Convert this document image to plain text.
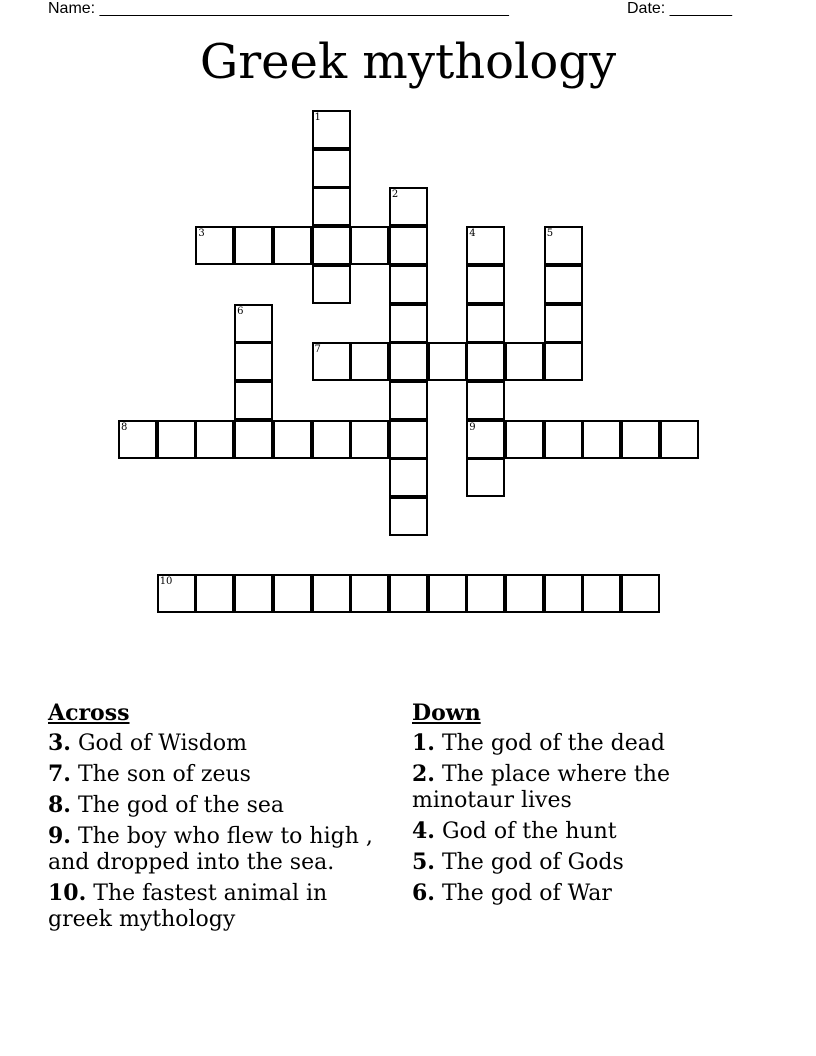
Name: ______________________________________________	Date: _______
Greek mythology
1
2
3	4
9
5
6
7
8
10
Across
3. God of Wisdom
7. The son of zeus
8. The god of the sea
9. The boy who flew to high , and dropped into the sea.
10. The fastest animal in greek mythology
Down
1. The god of the dead
2. The place where the minotaur lives
4. God of the hunt
5. The god of Gods
6. The god of War
